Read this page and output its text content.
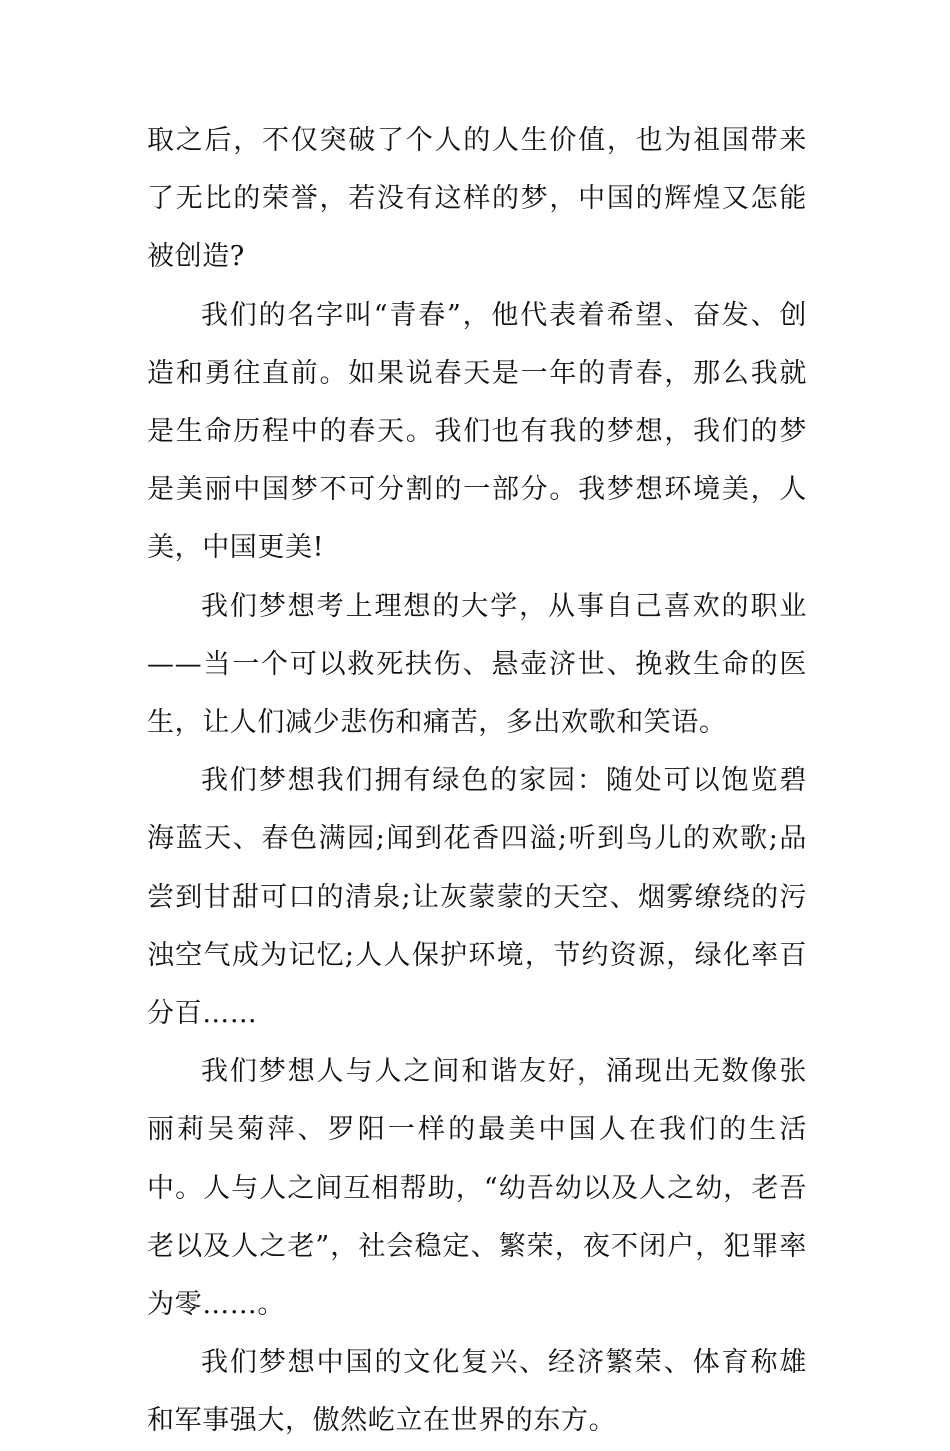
取之后，不仅突破了个人的人生价值，也为祖国带来了无比的荣誉，若没有这样的梦，中国的辉煌又怎能被创造?

我们的名字叫“青春”，他代表着希望、奋发、创造和勇往直前。如果说春天是一年的青春，那么我就是生命历程中的春天。我们也有我的梦想，我们的梦是美丽中国梦不可分割的一部分。我梦想环境美，人美，中国更美!

我们梦想考上理想的大学，从事自己喜欢的职业——当一个可以救死扶伤、悬壶济世、挽救生命的医生，让人们减少悲伤和痛苦，多出欢歌和笑语。

我们梦想我们拥有绿色的家园：随处可以饱览碧海蓝天、春色满园;闻到花香四溢;听到鸟儿的欢歌;品尝到甘甜可口的清泉;让灰蒙蒙的天空、烟雾缭绕的污浊空气成为记忆;人人保护环境，节约资源，绿化率百分百……

我们梦想人与人之间和谐友好，涌现出无数像张丽莉吴菊萍、罗阳一样的最美中国人在我们的生活中。人与人之间互相帮助，“幼吾幼以及人之幼，老吾老以及人之老”，社会稳定、繁荣，夜不闭户，犯罪率为零……。

我们梦想中国的文化复兴、经济繁荣、体育称雄和军事强大，傲然屹立在世界的东方。
